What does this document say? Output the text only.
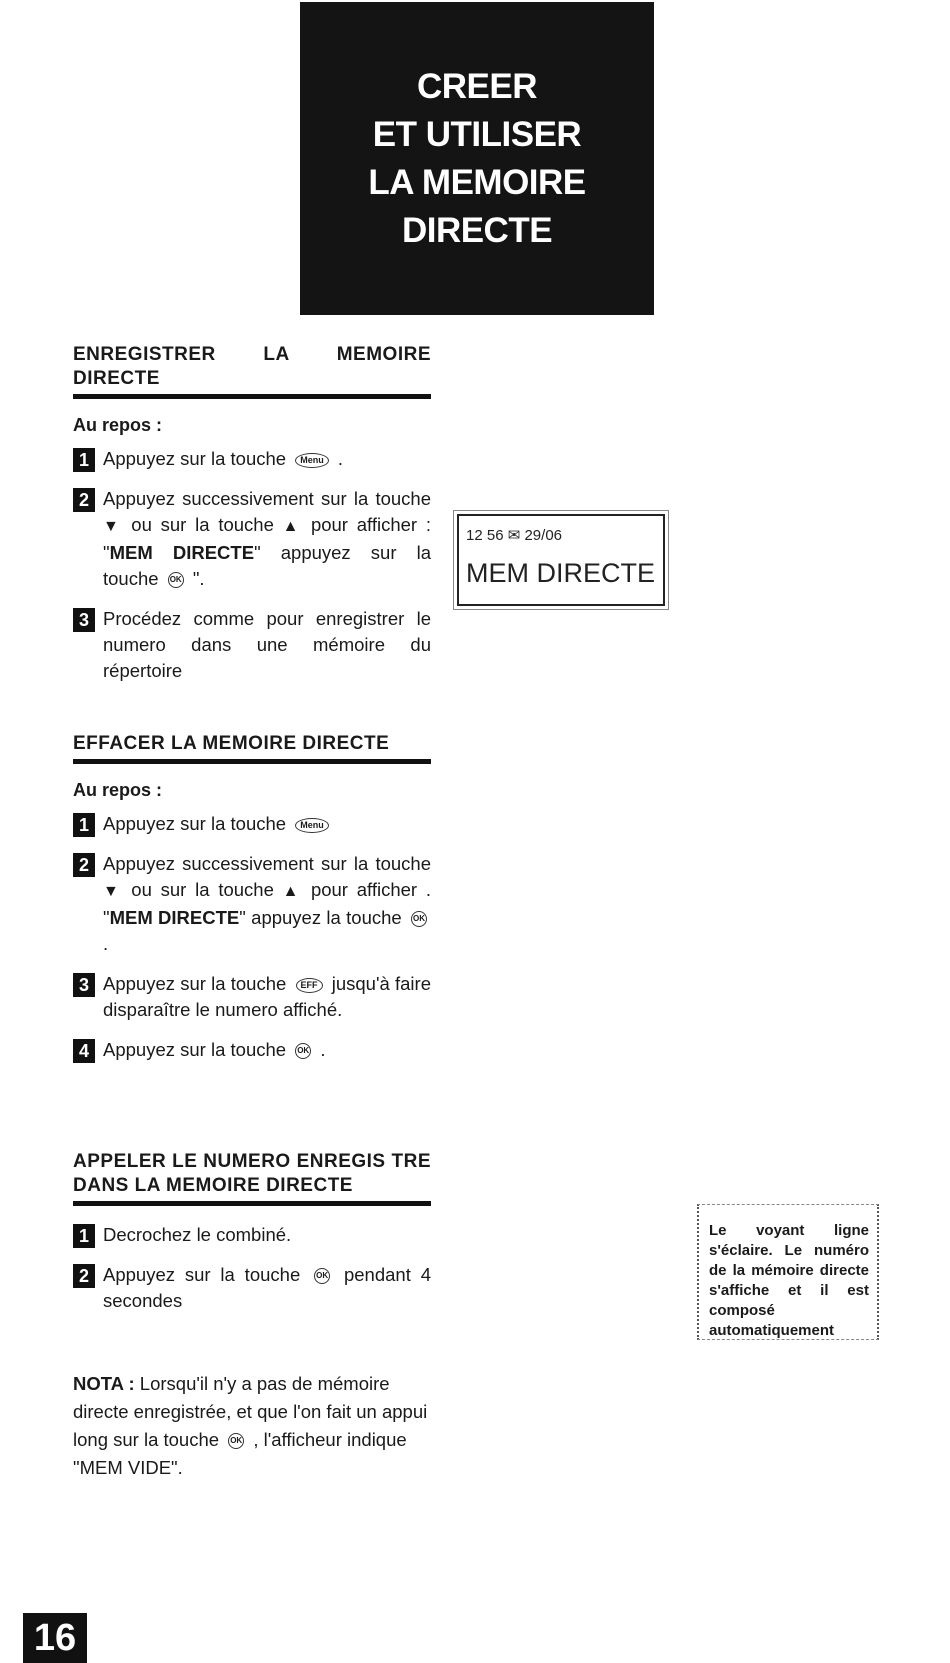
CREER
ET UTILISER
LA MEMOIRE
DIRECTE
ENREGISTRER LA MEMOIRE DIRECTE
Au repos :
1 Appuyez sur la touche Menu .
2 Appuyez successivement sur la touche ▼ ou sur la touche ▲ pour afficher : "MEM DIRECTE" appuyez sur la touche OK ".
3 Procédez comme pour enregistrer le numero dans une mémoire du répertoire
EFFACER LA MEMOIRE DIRECTE
Au repos :
1 Appuyez sur la touche Menu
2 Appuyez successivement sur la touche ▼ ou sur la touche ▲ pour afficher . "MEM DIRECTE" appuyez la touche OK .
3 Appuyez sur la touche EFF jusqu'à faire disparaître le numero affiché.
4 Appuyez sur la touche OK .
APPELER LE NUMERO ENREGIS TRE DANS LA MEMOIRE DIRECTE
1 Decrochez le combiné.
2 Appuyez sur la touche OK pendant 4 secondes
NOTA : Lorsqu'il n'y a pas de mémoire directe enregistrée, et que l'on fait un appui long sur la touche OK , l'afficheur indique "MEM VIDE".
12 56 ✉ 29/06
MEM DIRECTE
Le voyant ligne s'éclaire. Le numéro de la mémoire directe s'affiche et il est composé automatiquement
16
